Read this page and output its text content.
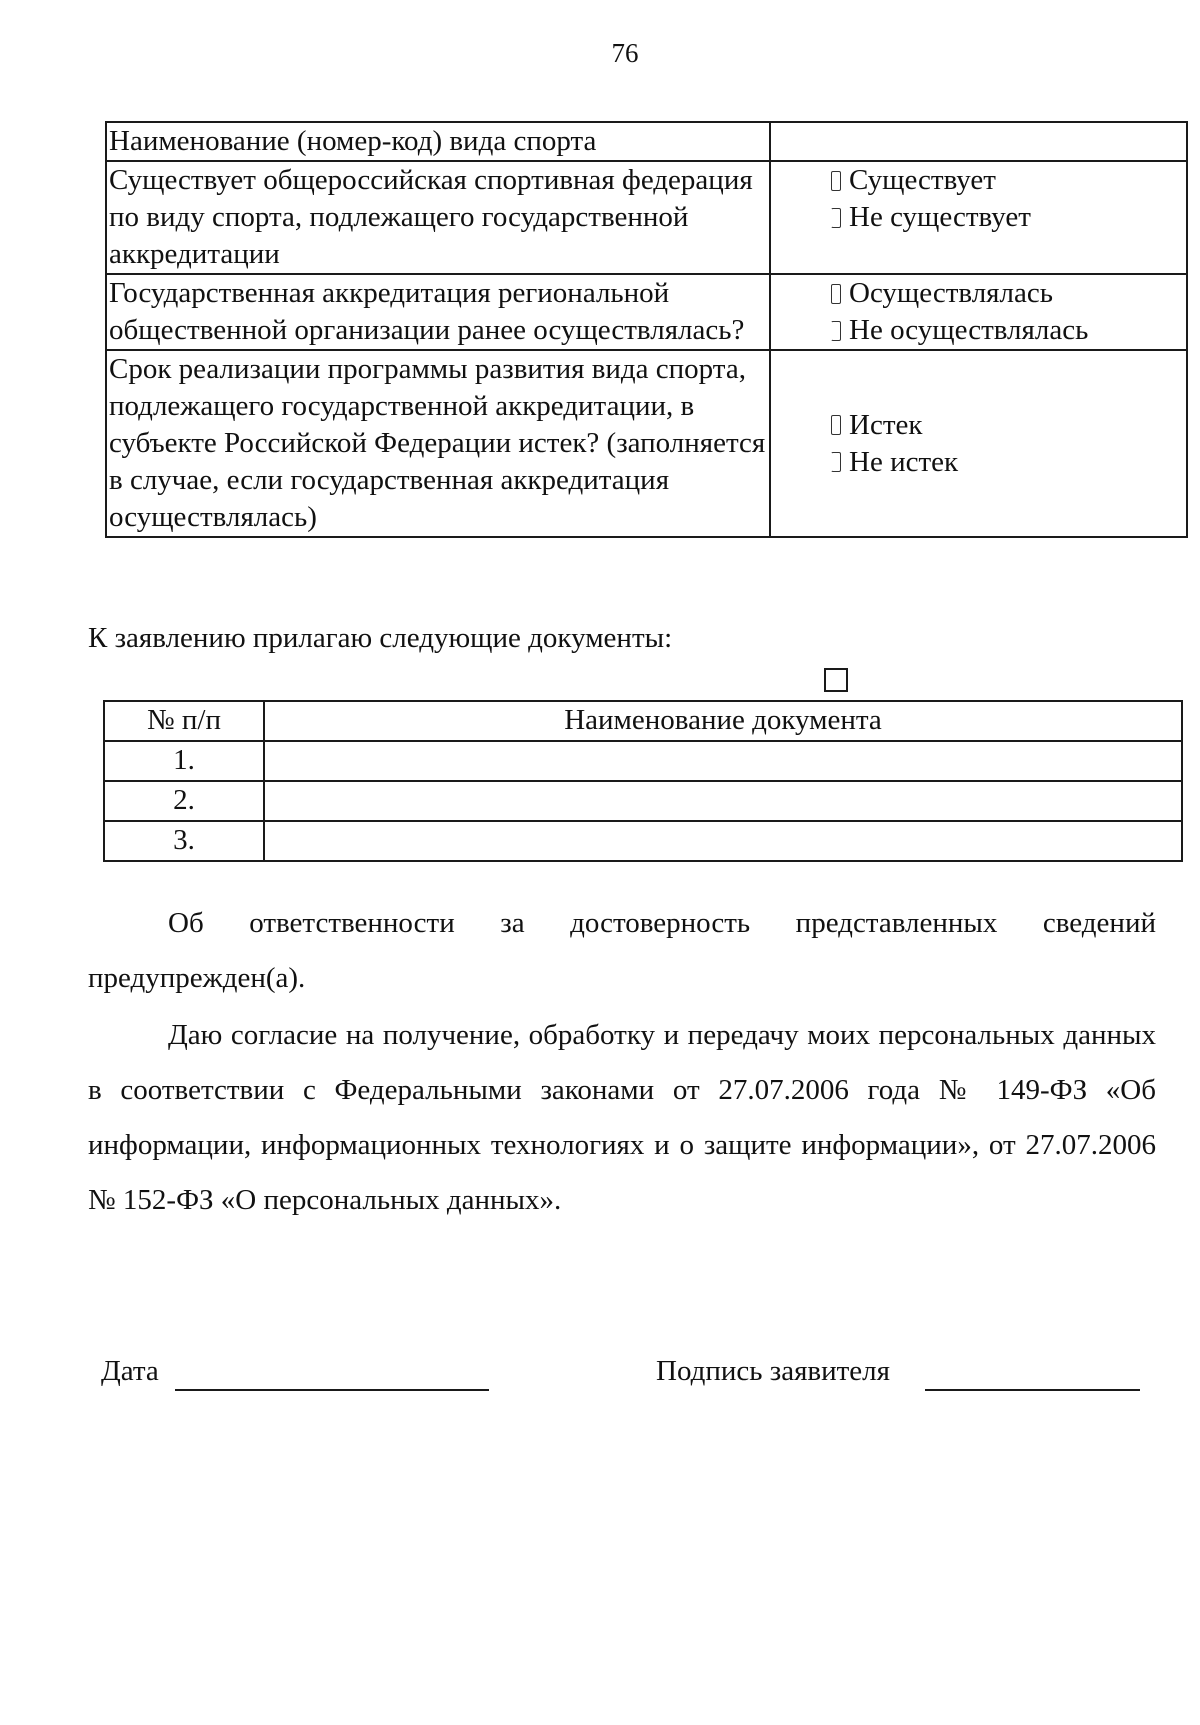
76
Наименование (номер-код) вида спорта	
Существует общероссийская спортивная федерация по виду спорта, подлежащего государственной аккредитации	Существует
Не существует

Государственная аккредитация региональной общественной организации ранее осуществлялась?	Осуществлялась
Не осуществлялась

Срок реализации программы развития вида спорта, подлежащего государственной аккредитации, в субъекте Российской Федерации истек? (заполняется в случае, если государственная аккредитация осуществлялась)	Истек
Не истек
К заявлению прилагаю следующие документы:
№ п/п	Наименование документа
1.	
2.	
3.	
Об ответственности за достоверность представленных сведений предупрежден(а).
Даю согласие на получение, обработку и передачу моих персональных данных в соответствии с Федеральными законами от 27.07.2006 года № 149-ФЗ «Об информации, информационных технологиях и о защите информации», от 27.07.2006 № 152-ФЗ «О персональных данных».
Дата	Подпись заявителя
